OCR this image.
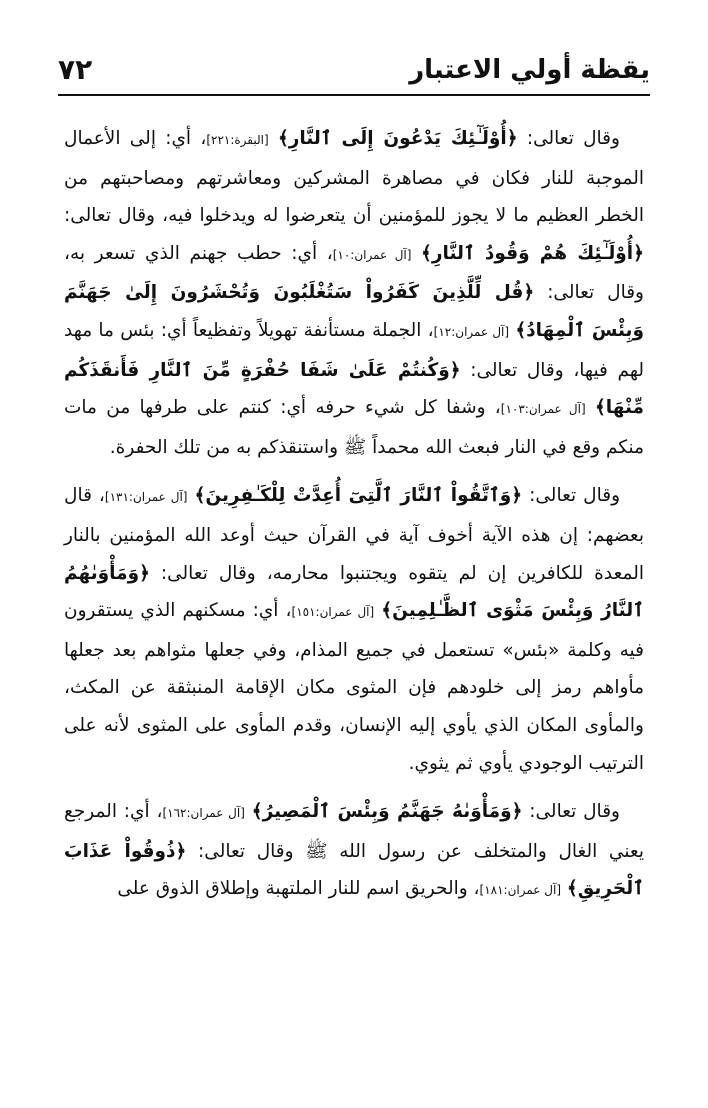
يقظة أولي الاعتبار
٧٢

وقال تعالى: ﴿أُوْلَـٰٓئِكَ يَدْعُونَ إِلَى ٱلنَّارِ﴾ [البقرة:٢٢١]، أي: إلى الأعمال الموجبة للنار فكان في مصاهرة المشركين ومعاشرتهم ومصاحبتهم من الخطر العظيم ما لا يجوز للمؤمنين أن يتعرضوا له ويدخلوا فيه، وقال تعالى: ﴿أُوْلَـٰٓئِكَ هُمْ وَقُودُ ٱلنَّارِ﴾ [آل عمران:١٠]، أي: حطب جهنم الذي تسعر به، وقال تعالى: ﴿قُل لِّلَّذِينَ كَفَرُواْ سَتُغْلَبُونَ وَتُحْشَرُونَ إِلَىٰ جَهَنَّمَ وَبِئْسَ ٱلْمِهَادُ﴾ [آل عمران:١٢]، الجملة مستأنفة تهويلاً وتفظيعاً أي: بئس ما مهد لهم فيها، وقال تعالى: ﴿وَكُنتُمْ عَلَىٰ شَفَا حُفْرَةٍ مِّنَ ٱلنَّارِ فَأَنقَذَكُم مِّنْهَا﴾ [آل عمران:١٠٣]، وشفا كل شيء حرفه أي: كنتم على طرفها من مات منكم وقع في النار فبعث الله محمداً ﷺ واستنقذكم به من تلك الحفرة.

وقال تعالى: ﴿وَٱتَّقُواْ ٱلنَّارَ ٱلَّتِىٓ أُعِدَّتْ لِلْكَـٰفِرِينَ﴾ [آل عمران:١٣١]، قال بعضهم: إن هذه الآية أخوف آية في القرآن حيث أوعد الله المؤمنين بالنار المعدة للكافرين إن لم يتقوه ويجتنبوا محارمه، وقال تعالى: ﴿وَمَأْوَىٰهُمُ ٱلنَّارُ وَبِئْسَ مَثْوَى ٱلظَّـٰلِمِينَ﴾ [آل عمران:١٥١]، أي: مسكنهم الذي يستقرون فيه وكلمة «بئس» تستعمل في جميع المذام، وفي جعلها مثواهم بعد جعلها مأواهم رمز إلى خلودهم فإن المثوى مكان الإقامة المنبثقة عن المكث، والمأوى المكان الذي يأوي إليه الإنسان، وقدم المأوى على المثوى لأنه على الترتيب الوجودي يأوي ثم يثوي.

وقال تعالى: ﴿وَمَأْوَىٰهُ جَهَنَّمُ وَبِئْسَ ٱلْمَصِيرُ﴾ [آل عمران:١٦٢]، أي: المرجع يعني الغال والمتخلف عن رسول الله ﷺ وقال تعالى: ﴿ذُوقُواْ عَذَابَ ٱلْحَرِيقِ﴾ [آل عمران:١٨١]، والحريق اسم للنار الملتهبة وإطلاق الذوق على
